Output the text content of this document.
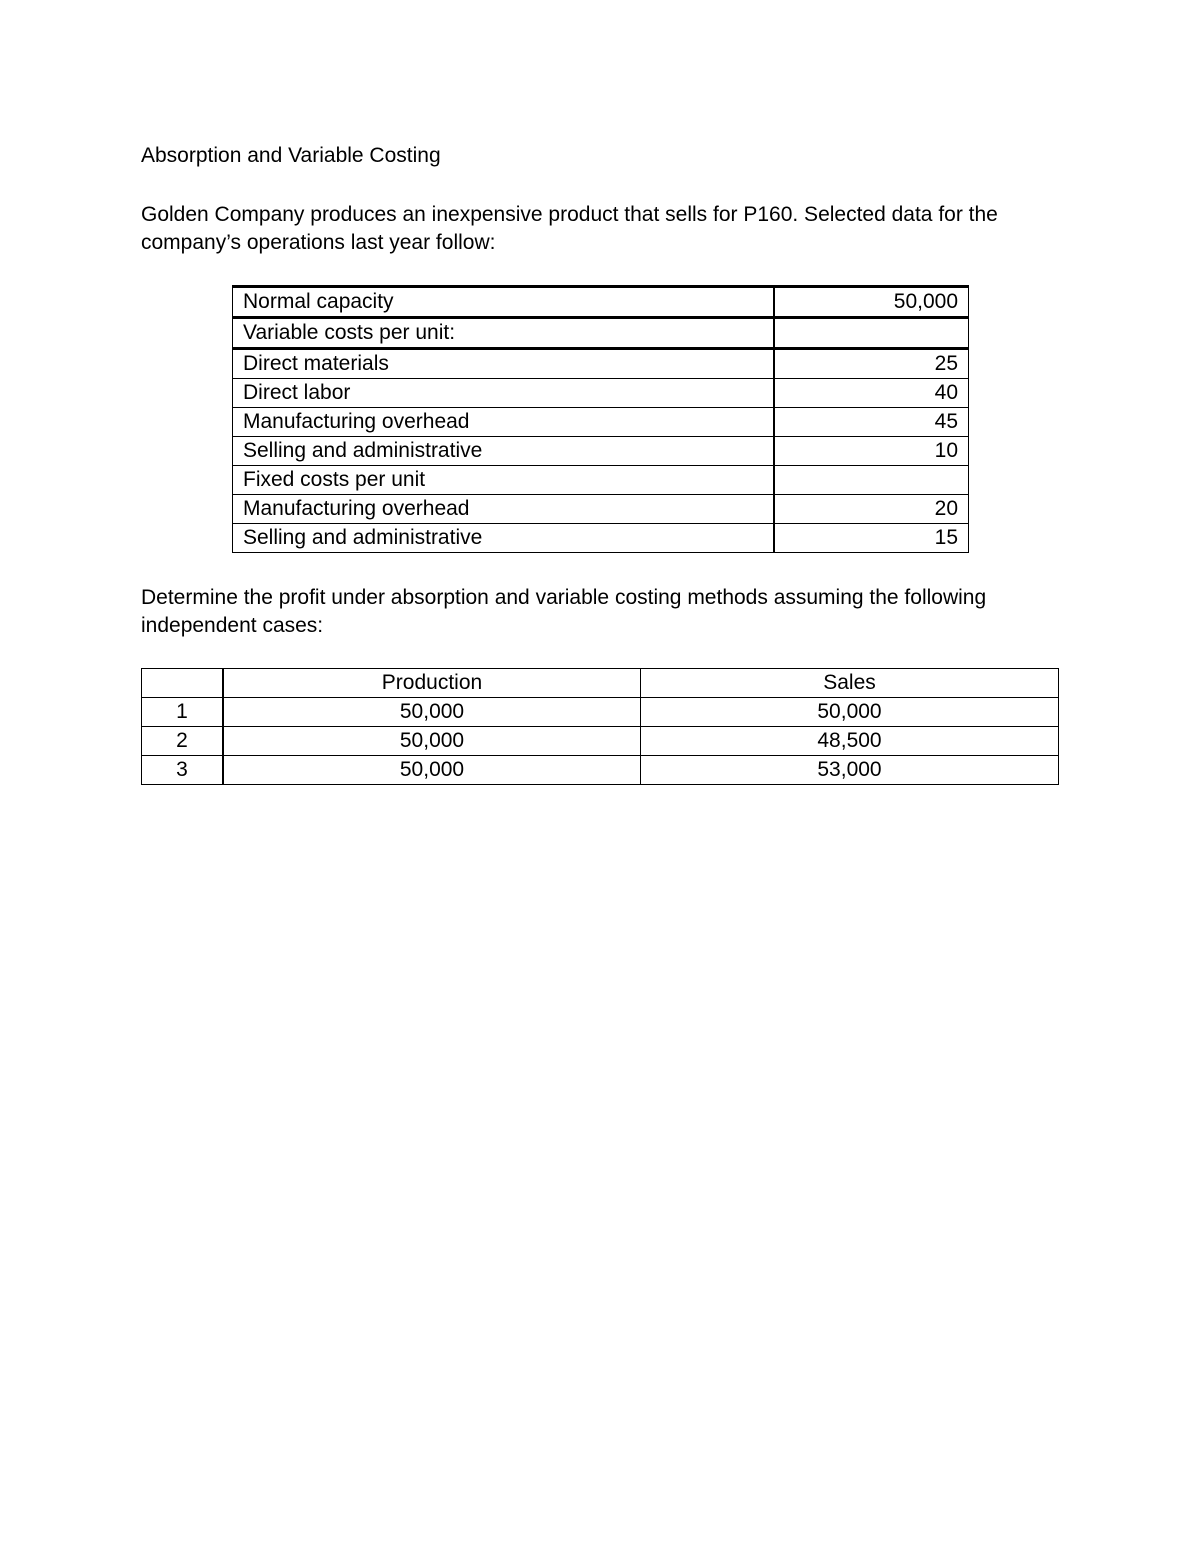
Absorption and Variable Costing

Golden Company produces an inexpensive product that sells for P160. Selected data for the company’s operations last year follow:

Normal capacity	50,000
Variable costs per unit:	
Direct materials	25
Direct labor	40
Manufacturing overhead	45
Selling and administrative	10
Fixed costs per unit	
Manufacturing overhead	20
Selling and administrative	15

Determine the profit under absorption and variable costing methods assuming the following independent cases:

	Production	Sales
1	50,000	50,000
2	50,000	48,500
3	50,000	53,000
